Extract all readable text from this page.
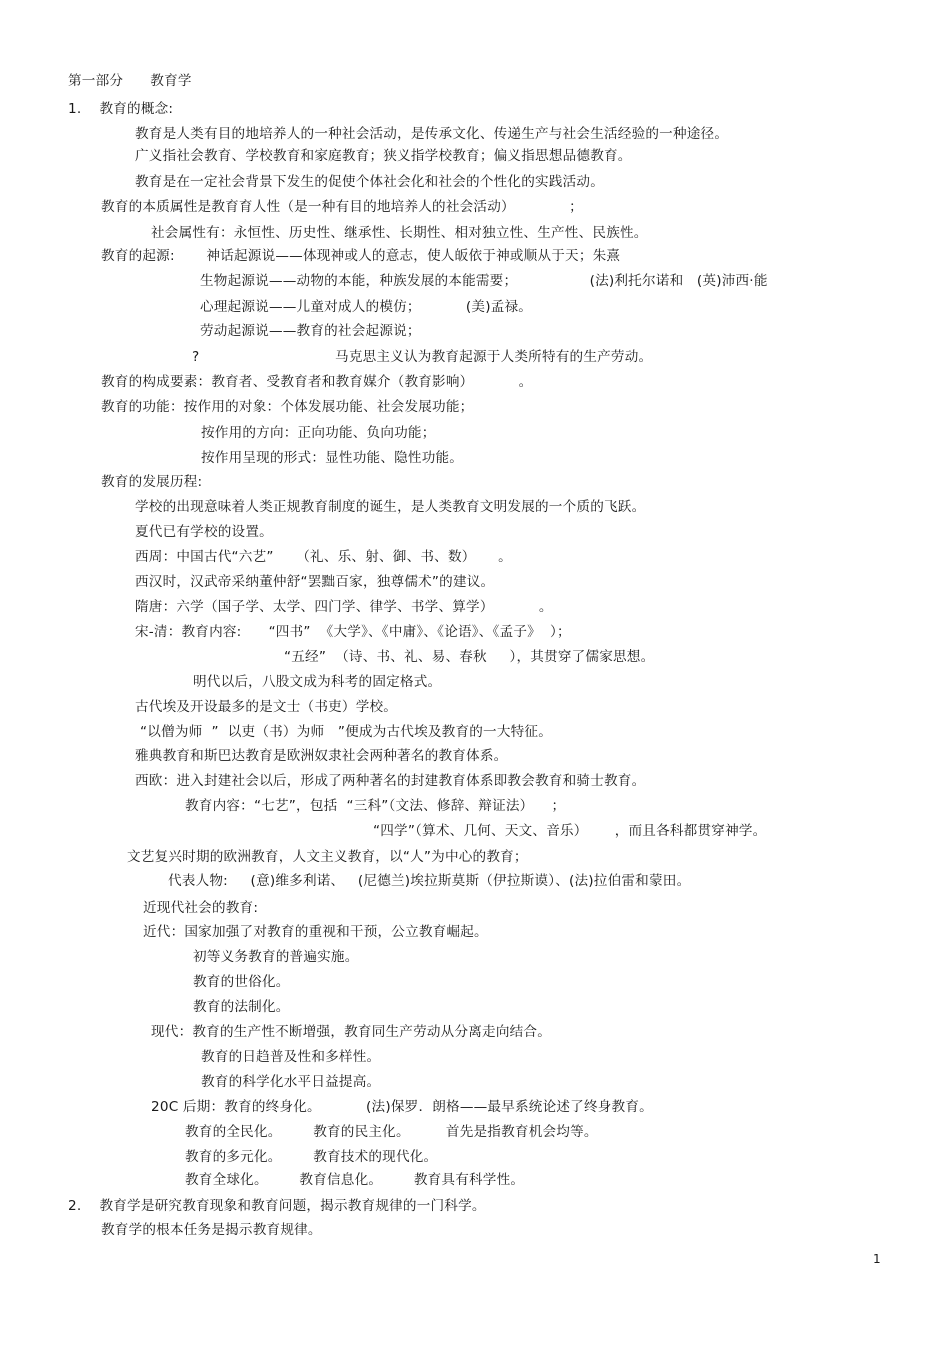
第一部分      教育学
1.    教育的概念:
教育是人类有目的地培养人的一种社会活动，是传承文化、传递生产与社会生活经验的一种途径。
广义指社会教育、学校教育和家庭教育；狭义指学校教育；偏义指思想品德教育。
教育是在一定社会背景下发生的促使个体社会化和社会的个性化的实践活动。
教育的本质属性是教育育人性（是一种有目的地培养人的社会活动）            ；
社会属性有：永恒性、历史性、继承性、长期性、相对独立性、生产性、民族性。
教育的起源:       神话起源说——体现神或人的意志，使人皈依于神或顺从于天；朱熹
生物起源说——动物的本能，种族发展的本能需要；                (法)利托尔诺和   (英)沛西·能
心理起源说——儿童对成人的模仿；          (美)孟禄。
劳动起源说——教育的社会起源说；
?                              马克思主义认为教育起源于人类所特有的生产劳动。
教育的构成要素：教育者、受教育者和教育媒介（教育影响）          。
教育的功能：按作用的对象：个体发展功能、社会发展功能；
按作用的方向：正向功能、负向功能；
按作用呈现的形式：显性功能、隐性功能。
教育的发展历程:
学校的出现意味着人类正规教育制度的诞生，是人类教育文明发展的一个质的飞跃。
夏代已有学校的设置。
西周：中国古代“六艺”     （礼、乐、射、御、书、数）     。
西汉时，汉武帝采纳董仲舒“罢黜百家，独尊儒术”的建议。
隋唐：六学（国子学、太学、四门学、律学、书学、算学）          。
宋-清：教育内容:      “四书”  《大学》、《中庸》、《论语》、《孟子》  ）；
“五经”  （诗、书、礼、易、春秋     ），其贯穿了儒家思想。
明代以后，八股文成为科考的固定格式。
古代埃及开设最多的是文士（书吏）学校。
“以僧为师  ”  以吏（书）为师   ”便成为古代埃及教育的一大特征。
雅典教育和斯巴达教育是欧洲奴隶社会两种著名的教育体系。
西欧：进入封建社会以后，形成了两种著名的封建教育体系即教会教育和骑士教育。
教育内容：“七艺”，包括  “三科”（文法、修辞、辩证法）    ；
“四学”（算术、几何、天文、音乐）      ，而且各科都贯穿神学。
文艺复兴时期的欧洲教育，人文主义教育，以“人”为中心的教育；
代表人物:     (意)维多利诺、   (尼德兰)埃拉斯莫斯（伊拉斯谟）、(法)拉伯雷和蒙田。
近现代社会的教育:
近代：国家加强了对教育的重视和干预，公立教育崛起。
初等义务教育的普遍实施。
教育的世俗化。
教育的法制化。
现代：教育的生产性不断增强，教育同生产劳动从分离走向结合。
教育的日趋普及性和多样性。
教育的科学化水平日益提高。
20C 后期：教育的终身化。          (法)保罗．朗格——最早系统论述了终身教育。
教育的全民化。       教育的民主化。        首先是指教育机会均等。
教育的多元化。       教育技术的现代化。
教育全球化。       教育信息化。       教育具有科学性。
2.    教育学是研究教育现象和教育问题，揭示教育规律的一门科学。
教育学的根本任务是揭示教育规律。
1
